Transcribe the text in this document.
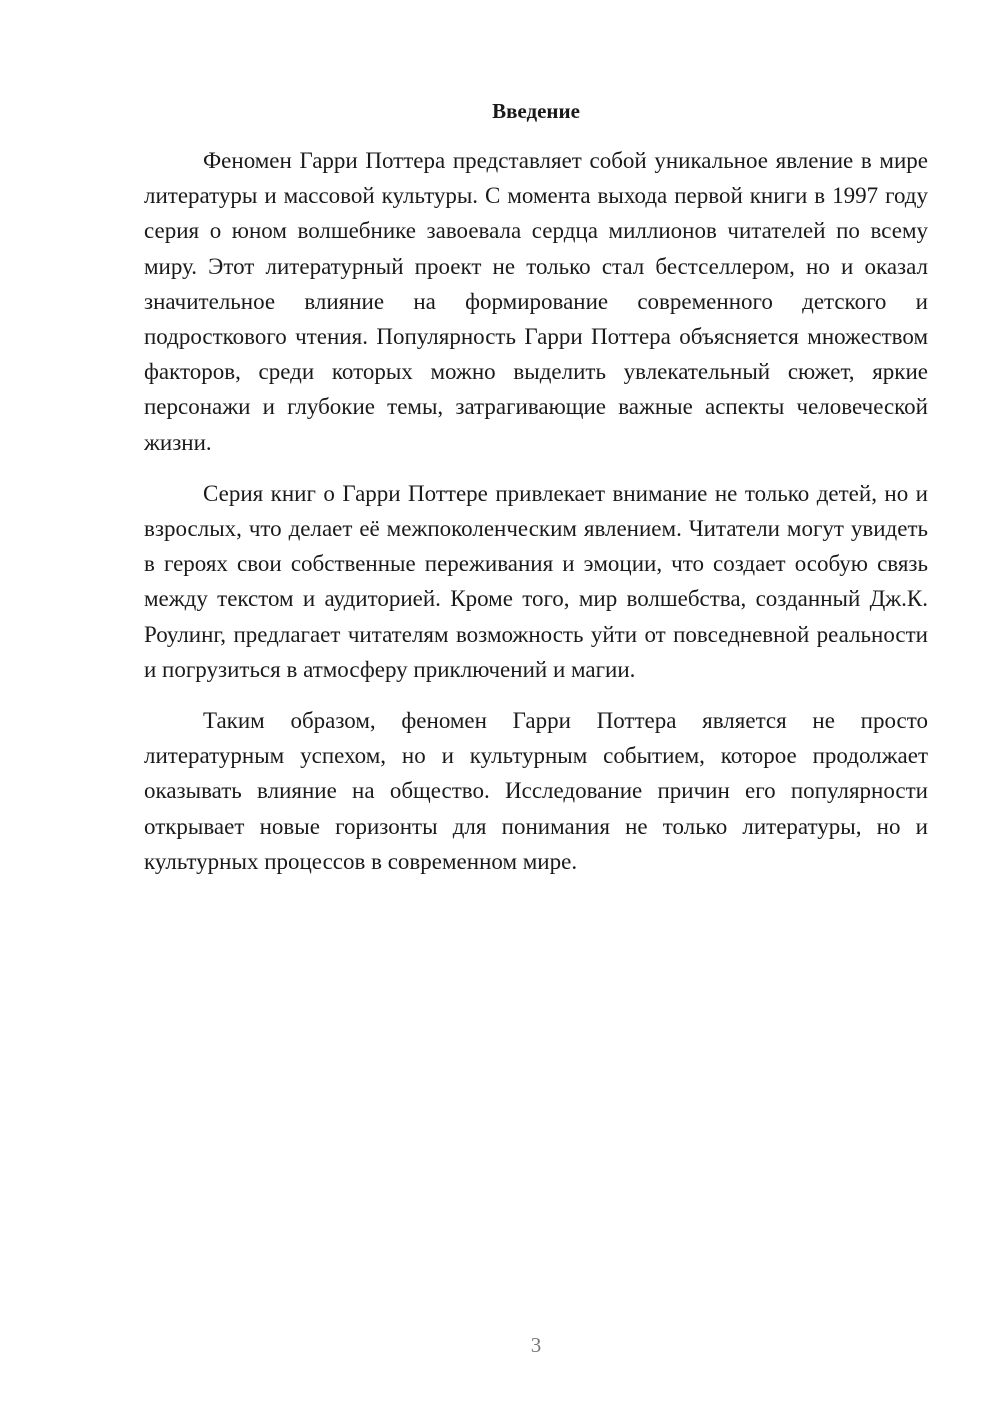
Введение

Феномен Гарри Поттера представляет собой уникальное явление в мире литературы и массовой культуры. С момента выхода первой книги в 1997 году серия о юном волшебнике завоевала сердца миллионов читателей по всему миру. Этот литературный проект не только стал бестселлером, но и оказал значительное влияние на формирование современного детского и подросткового чтения. Популярность Гарри Поттера объясняется множеством факторов, среди которых можно выделить увлекательный сюжет, яркие персонажи и глубокие темы, затрагивающие важные аспекты человеческой жизни.

Серия книг о Гарри Поттере привлекает внимание не только детей, но и взрослых, что делает её межпоколенческим явлением. Читатели могут увидеть в героях свои собственные переживания и эмоции, что создает особую связь между текстом и аудиторией. Кроме того, мир волшебства, созданный Дж.К. Роулинг, предлагает читателям возможность уйти от повседневной реальности и погрузиться в атмосферу приключений и магии.

Таким образом, феномен Гарри Поттера является не просто литературным успехом, но и культурным событием, которое продолжает оказывать влияние на общество. Исследование причин его популярности открывает новые горизонты для понимания не только литературы, но и культурных процессов в современном мире.

3
